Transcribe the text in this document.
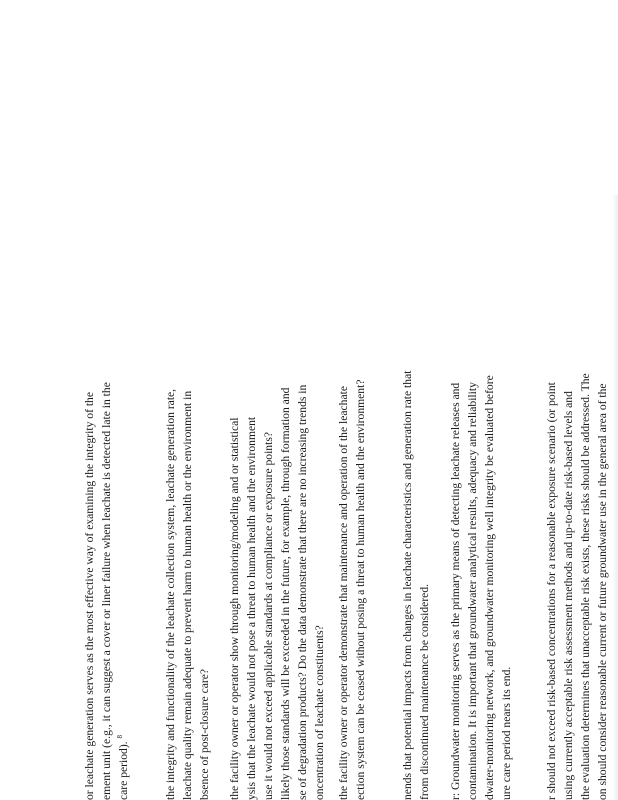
or leachate generation serves as the most effective way of examining the integrity of the ement unit (e.g., it can suggest a cover or liner failure when leachate is detected late in the care period). $^8$	the integrity and functionality of the leachate collection system, leachate generation rate, leachate quality remain adequate to prevent harm to human health or the environment in bsence of post-closure care? the facility owner or operator show through monitoring/modeling and or statistical ysis that the leachate would not pose a threat to human health and the environment use it would not exceed applicable standards at compliance or exposure points? likely those standards will be exceeded in the future, for example, through formation and se of degradation products? Do the data demonstrate that there are no increasing trends in oncentration of leachate constituents? the facility owner or operator demonstrate that maintenance and operation of the leachate ection system can be ceased without posing a threat to human health and the environment?	nends that potential impacts from changes in leachate characteristics and generation rate that from discontinued maintenance be considered. r: Groundwater monitoring serves as the primary means of detecting leachate releases and contamination. It is important that groundwater analytical results, adequacy and reliability dwater-monitoring network, and groundwater monitoring well integrity be evaluated before ure care period nears its end.	r should not exceed risk-based concentrations for a reasonable exposure scenario (or point using currently acceptable risk assessment methods and up-to-date risk-based levels and the evaluation determines that unacceptable risk exists, these risks should be addressed. The on should consider reasonable current or future groundwater use in the general area of the
